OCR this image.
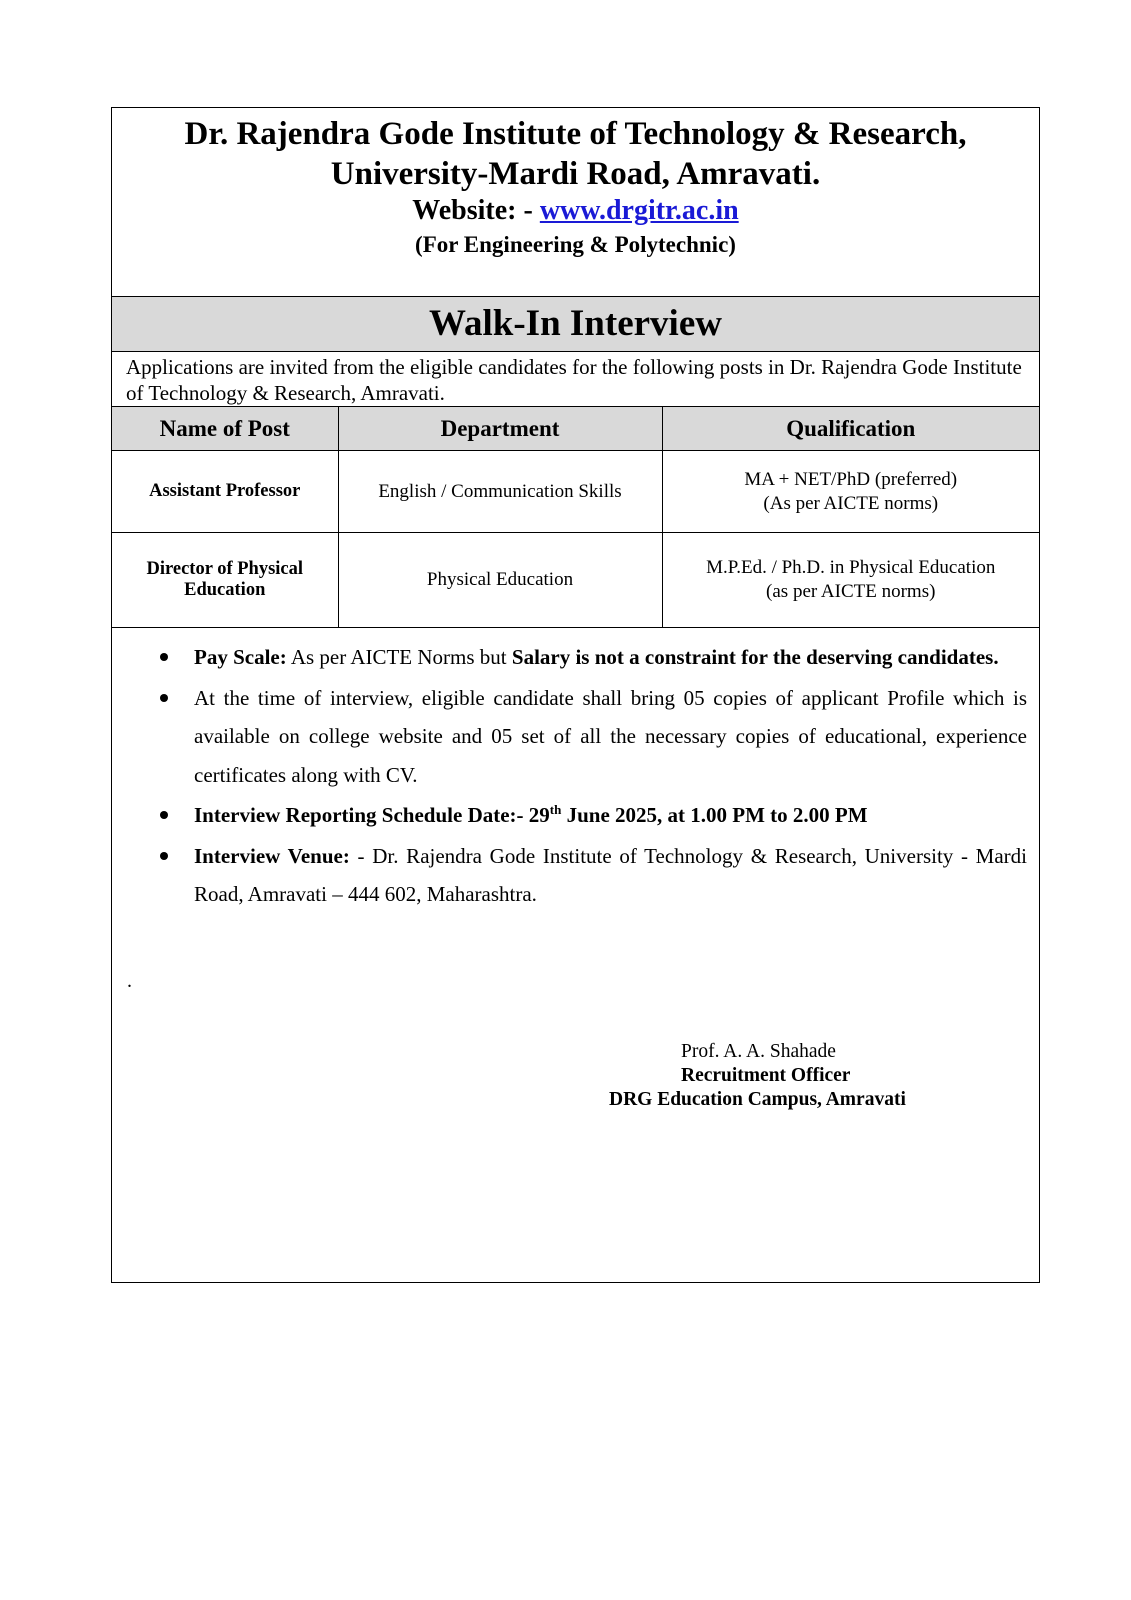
Dr. Rajendra Gode Institute of Technology & Research,
University-Mardi Road, Amravati.
Website: - www.drgitr.ac.in
(For Engineering & Polytechnic)
Walk-In Interview
Applications are invited from the eligible candidates for the following posts in Dr. Rajendra Gode Institute of Technology & Research, Amravati.
Name of Post	Department	Qualification
Assistant Professor	English / Communication Skills	MA + NET/PhD (preferred)
(As per AICTE norms)

Director of Physical Education	Physical Education	M.P.Ed. / Ph.D. in Physical Education
(as per AICTE norms)
Pay Scale: As per AICTE Norms but Salary is not a constraint for the deserving candidates.
At the time of interview, eligible candidate shall bring 05 copies of applicant Profile which is available on college website and 05 set of all the necessary copies of educational, experience certificates along with CV.
Interview Reporting Schedule Date:- 29th June 2025, at 1.00 PM to 2.00 PM
Interview Venue: - Dr. Rajendra Gode Institute of Technology & Research, University - Mardi Road, Amravati – 444 602, Maharashtra.
.
Prof. A. A. Shahade
Recruitment Officer
DRG Education Campus, Amravati
